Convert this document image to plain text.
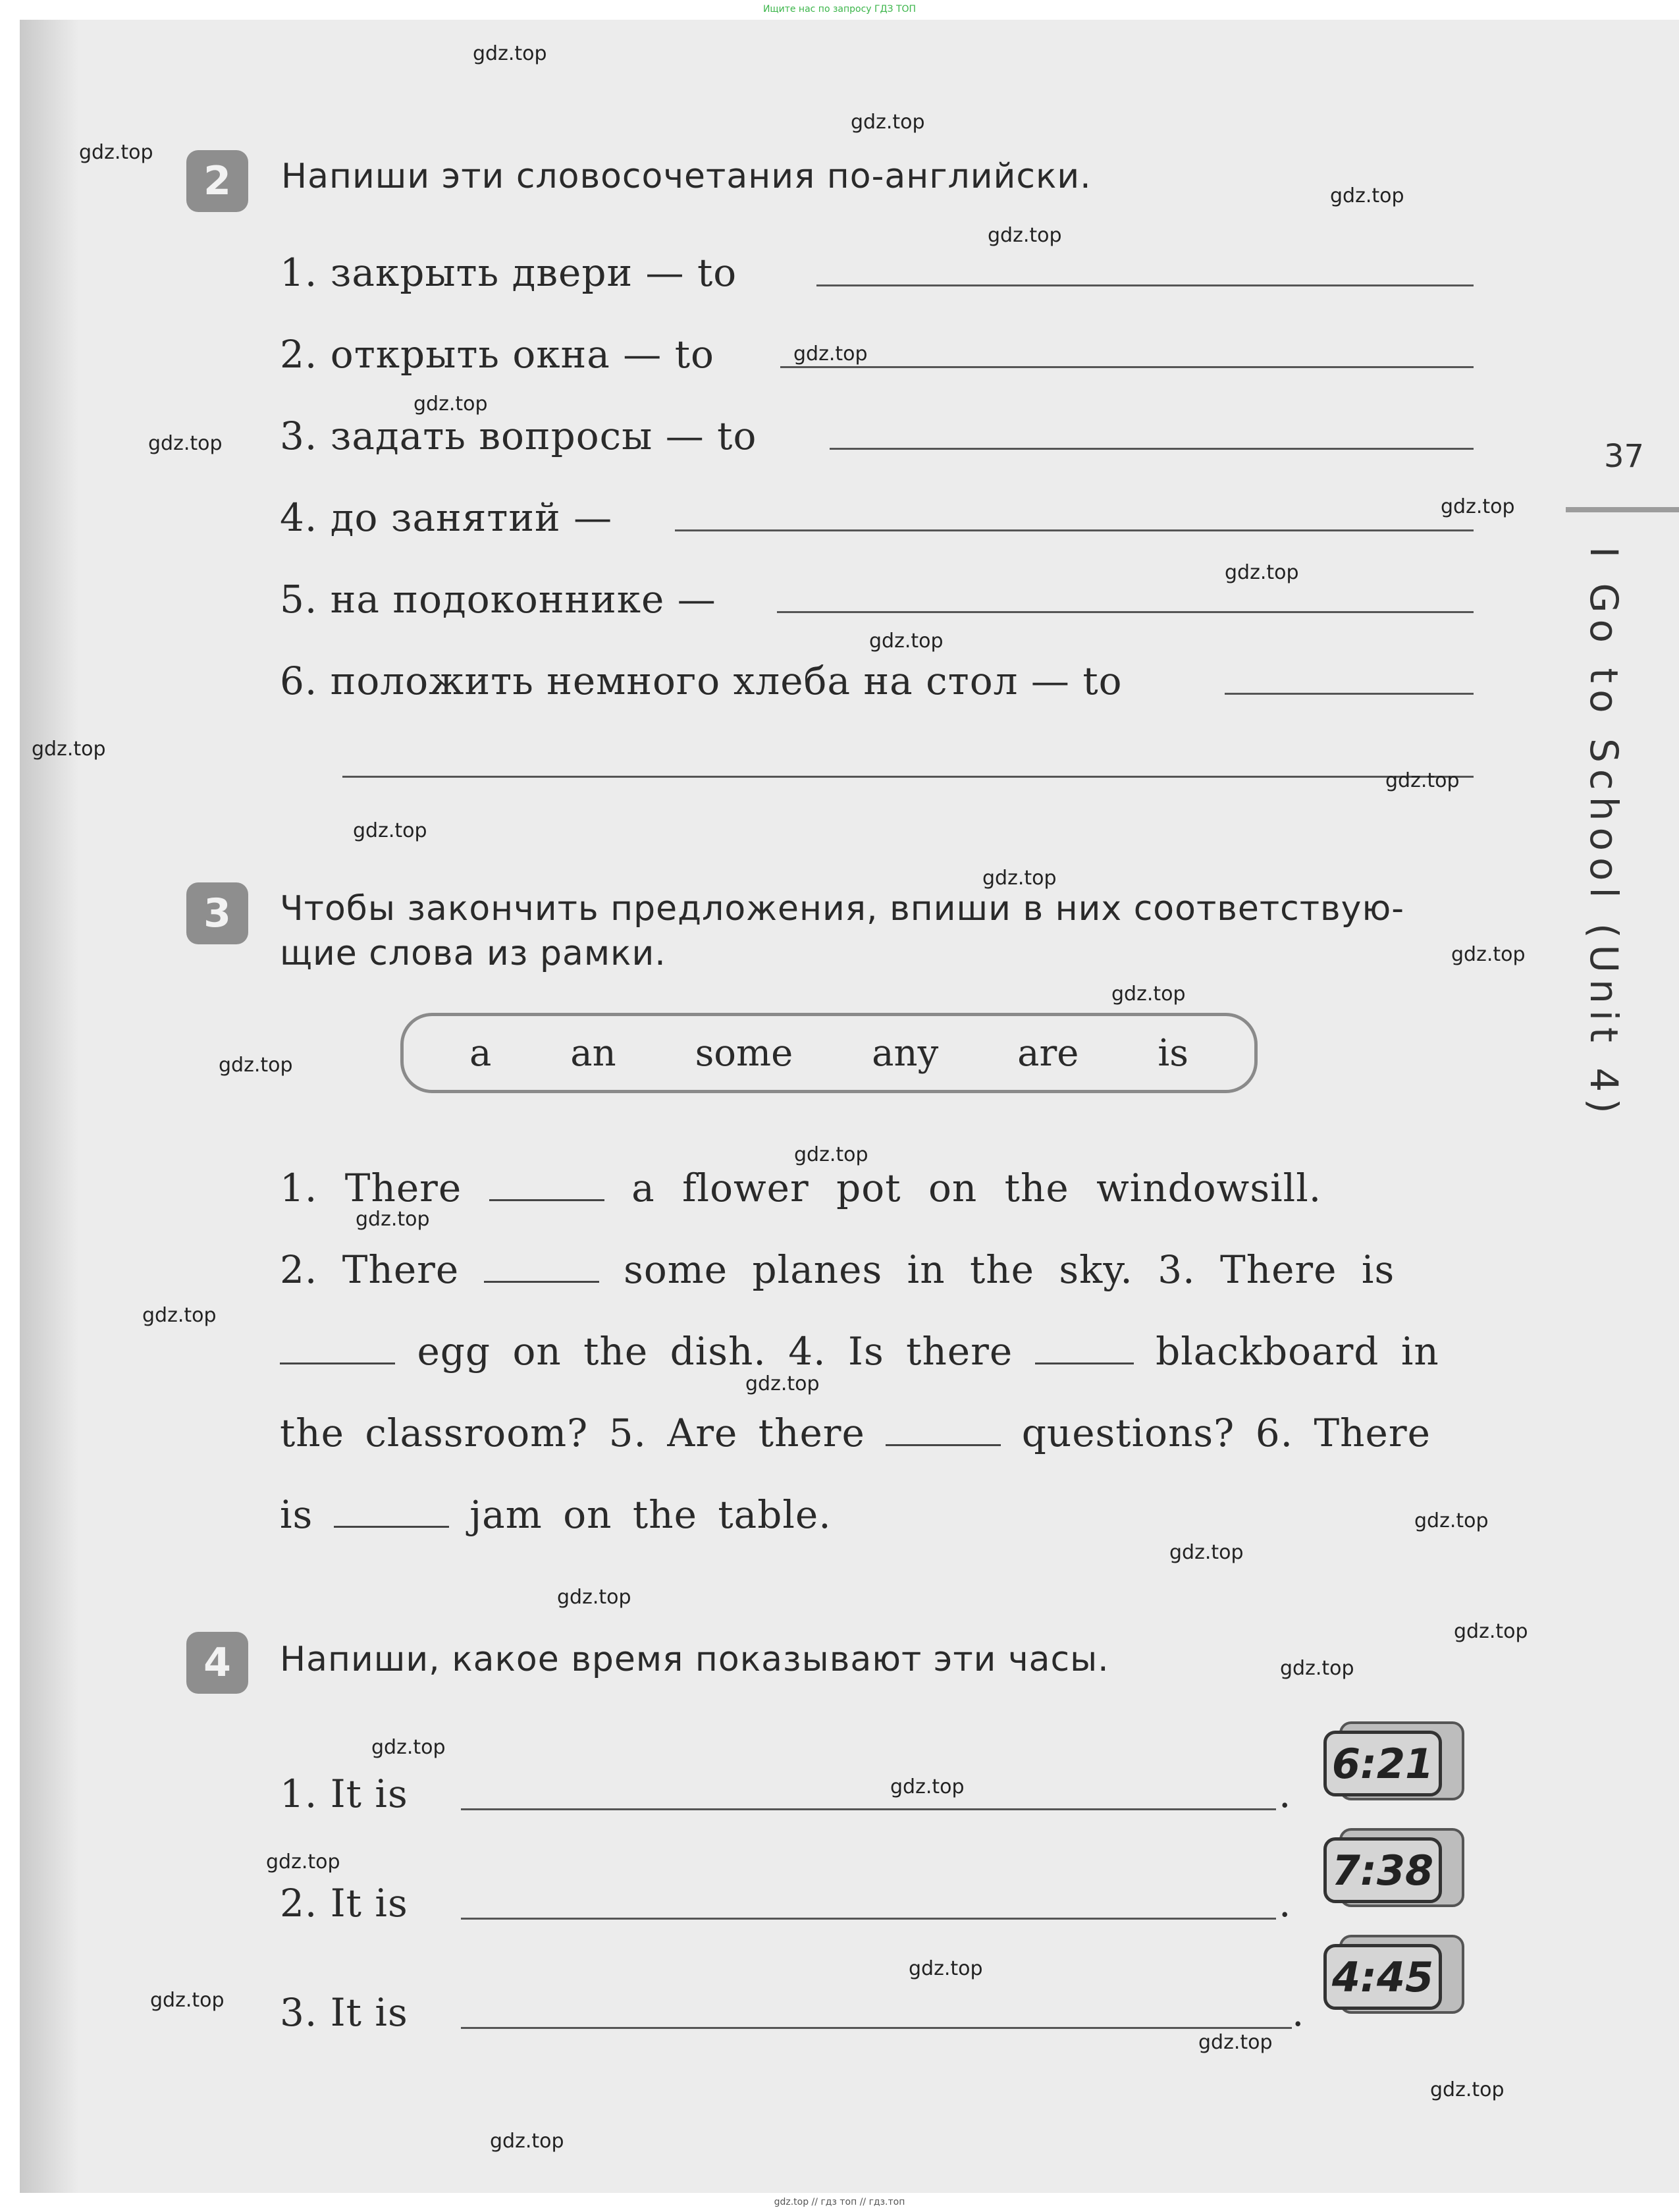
Ищите нас по запросу ГДЗ ТОП
2	Напиши эти словосочетания по-английски.
1. закрыть двери — to
2. открыть окна — to
3. задать вопросы — to
4. до занятий —
5. на подоконнике —
6. положить немного хлеба на стол — to
3	Чтобы закончить предложения, впиши в них соответствую-
щие слова из рамки.
a an some any are is
1. There	a flower pot on the windowsill.
2. There	some planes in the sky. 3. There is
egg on the dish. 4. Is there	blackboard in
the classroom? 5. Are there	questions? 6. There
is	jam on the table.
4	Напиши, какое время показывают эти часы.
1. It is	.
6:21
2. It is	.
7:38
3. It is	.
4:45
37
I Go to School (Unit 4)
gdz.top
gdz.top
gdz.top
gdz.top
gdz.top
gdz.top
gdz.top
gdz.top
gdz.top
gdz.top
gdz.top
gdz.top
gdz.top
gdz.top
gdz.top
gdz.top
gdz.top
gdz.top
gdz.top
gdz.top
gdz.top
gdz.top
gdz.top
gdz.top
gdz.top
gdz.top
gdz.top
gdz.top
gdz.top
gdz.top
gdz.top
gdz.top
gdz.top
gdz.top
gdz.top
gdz.top // гдз топ // гдз.топ
